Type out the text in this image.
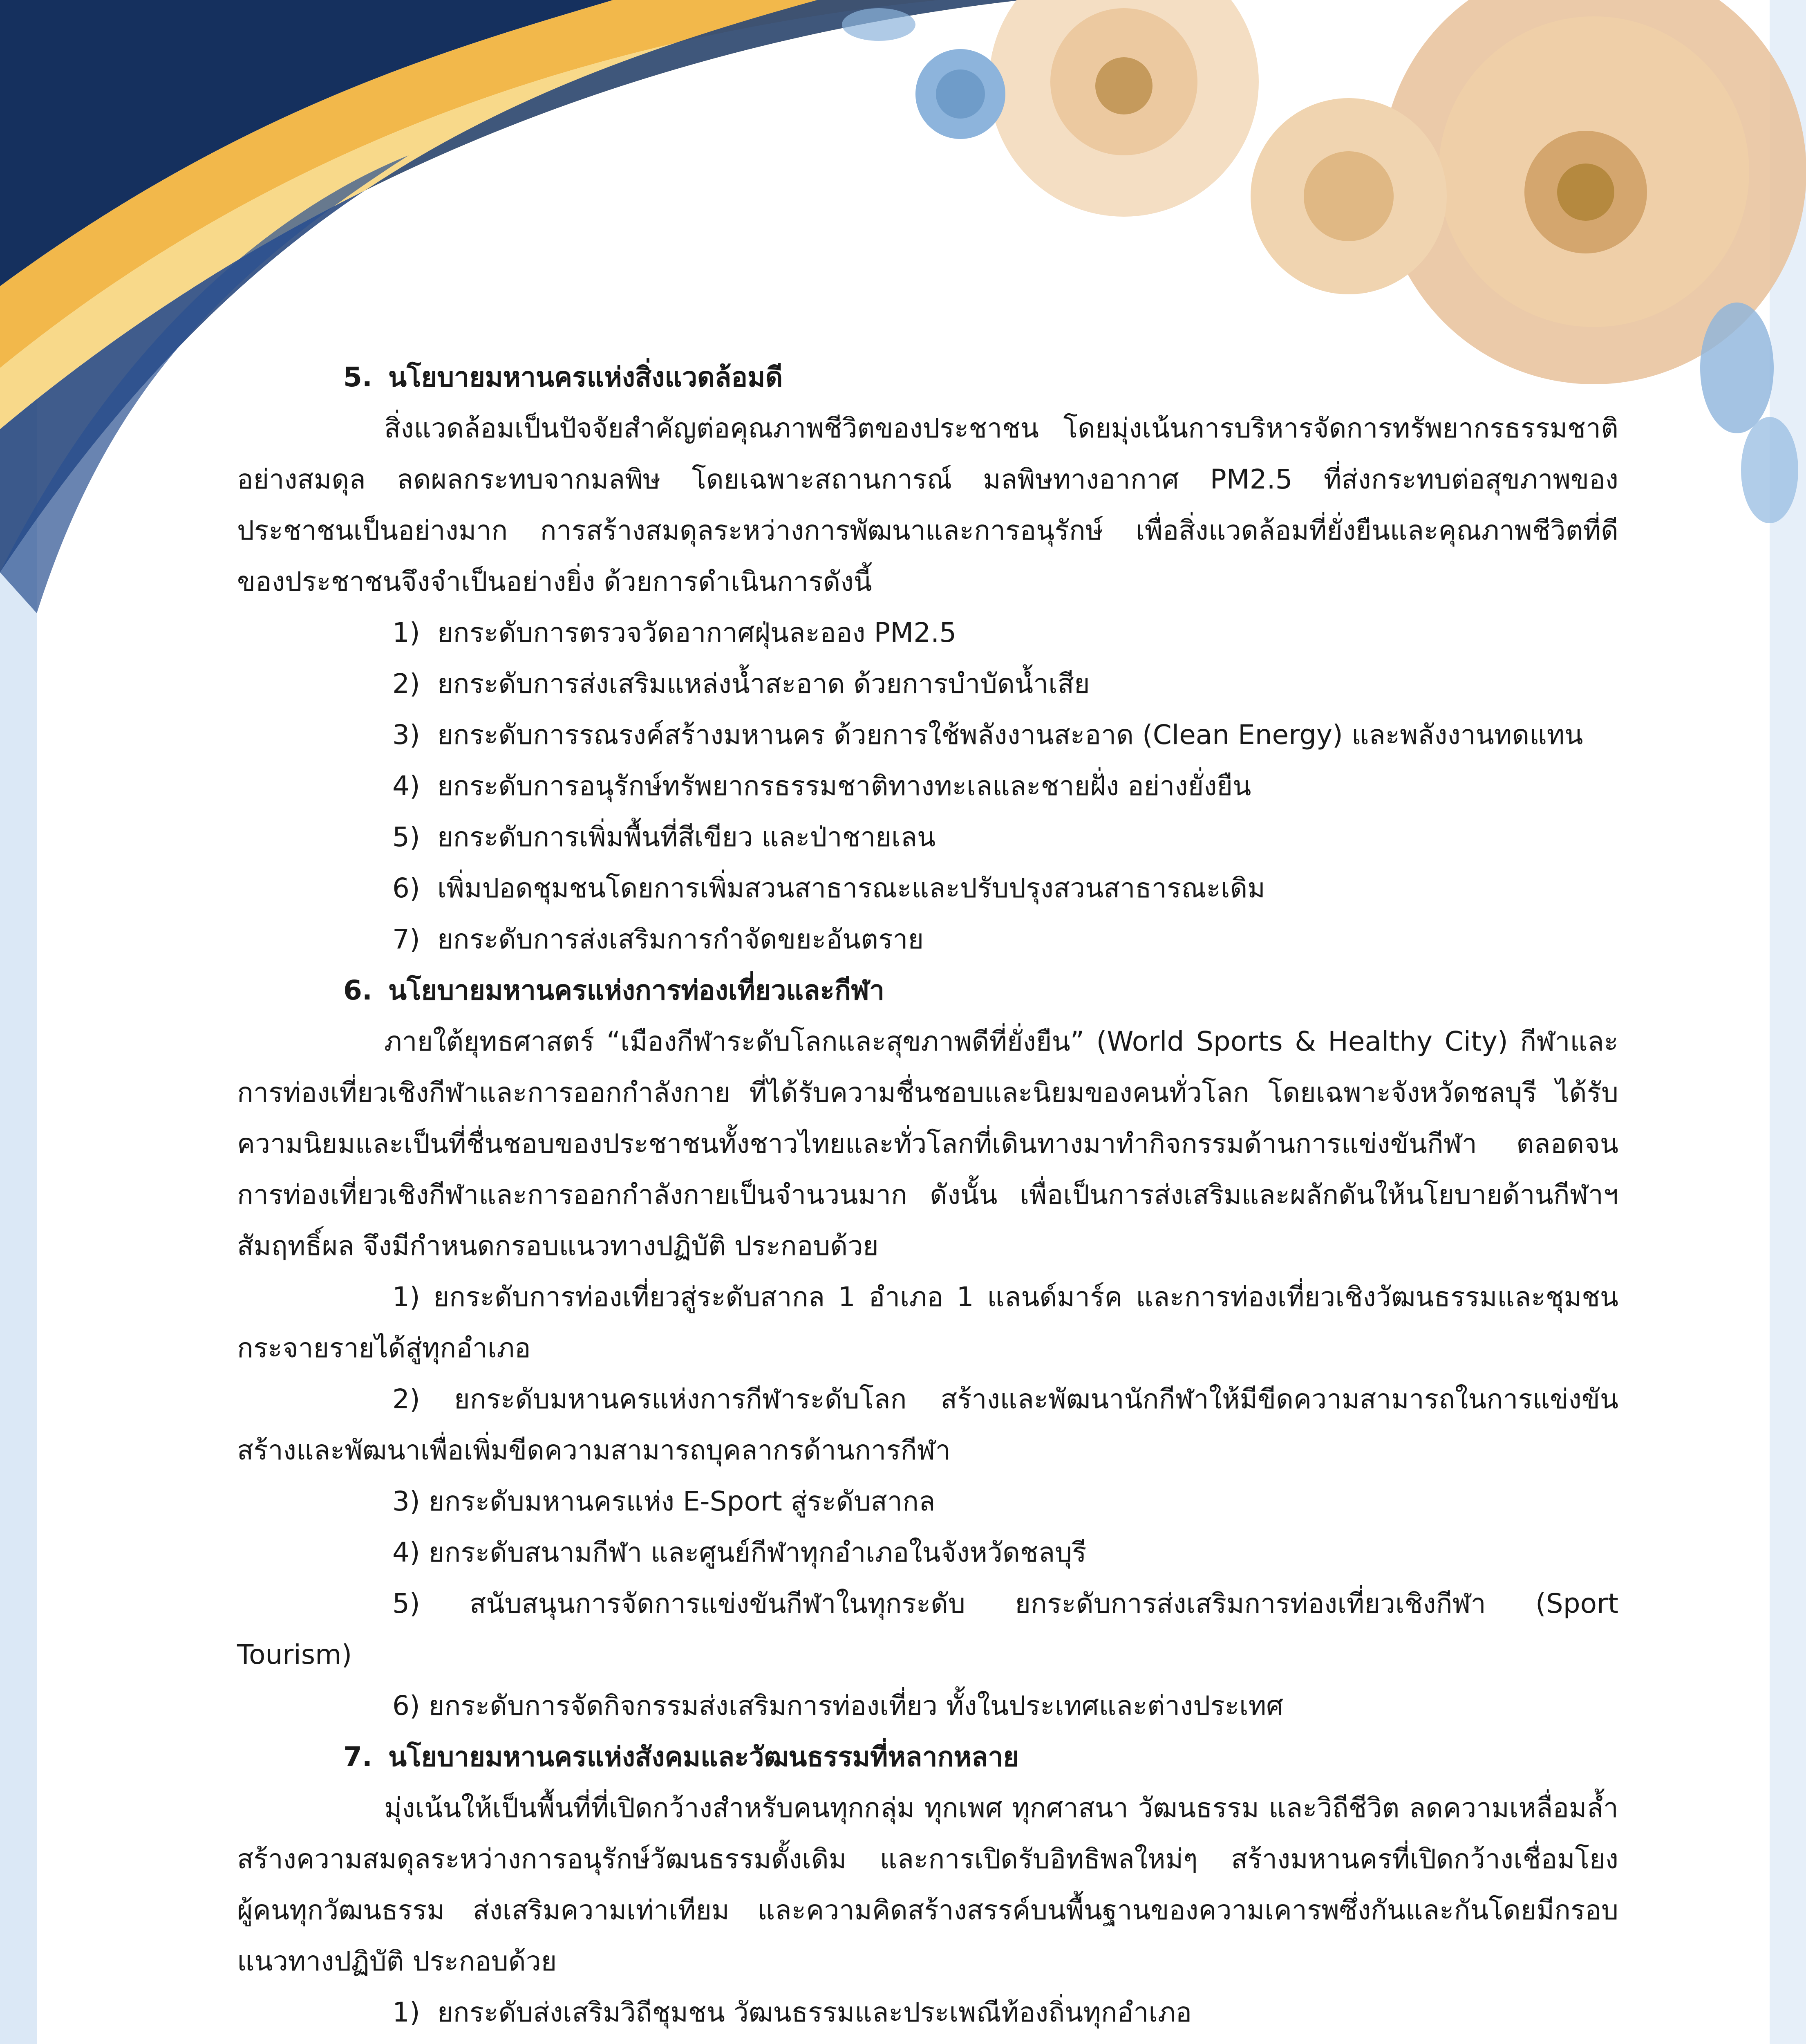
5. นโยบายมหานครแห่งสิ่งแวดล้อมดี

สิ่งแวดล้อมเป็นปัจจัยสำคัญต่อคุณภาพชีวิตของประชาชน โดยมุ่งเน้นการบริหารจัดการทรัพยากรธรรมชาติอย่างสมดุล ลดผลกระทบจากมลพิษ โดยเฉพาะสถานการณ์ มลพิษทางอากาศ PM2.5 ที่ส่งกระทบต่อสุขภาพของประชาชนเป็นอย่างมาก การสร้างสมดุลระหว่างการพัฒนาและการอนุรักษ์ เพื่อสิ่งแวดล้อมที่ยั่งยืนและคุณภาพชีวิตที่ดีของประชาชนจึงจำเป็นอย่างยิ่ง ด้วยการดำเนินการดังนี้

1) ยกระดับการตรวจวัดอากาศฝุ่นละออง PM2.5
2) ยกระดับการส่งเสริมแหล่งน้ำสะอาด ด้วยการบำบัดน้ำเสีย
3) ยกระดับการรณรงค์สร้างมหานคร ด้วยการใช้พลังงานสะอาด (Clean Energy) และพลังงานทดแทน
4) ยกระดับการอนุรักษ์ทรัพยากรธรรมชาติทางทะเลและชายฝั่ง อย่างยั่งยืน
5) ยกระดับการเพิ่มพื้นที่สีเขียว และป่าชายเลน
6) เพิ่มปอดชุมชนโดยการเพิ่มสวนสาธารณะและปรับปรุงสวนสาธารณะเดิม
7) ยกระดับการส่งเสริมการกำจัดขยะอันตราย
6. นโยบายมหานครแห่งการท่องเที่ยวและกีฬา

ภายใต้ยุทธศาสตร์ “เมืองกีฬาระดับโลกและสุขภาพดีที่ยั่งยืน” (World Sports & Healthy City) กีฬาและการท่องเที่ยวเชิงกีฬาและการออกกำลังกาย ที่ได้รับความชื่นชอบและนิยมของคนทั่วโลก โดยเฉพาะจังหวัดชลบุรี ได้รับความนิยมและเป็นที่ชื่นชอบของประชาชนทั้งชาวไทยและทั่วโลกที่เดินทางมาทำกิจกรรมด้านการแข่งขันกีฬา ตลอดจนการท่องเที่ยวเชิงกีฬาและการออกกำลังกายเป็นจำนวนมาก ดังนั้น เพื่อเป็นการส่งเสริมและผลักดันให้นโยบายด้านกีฬาฯ สัมฤทธิ์ผล จึงมีกำหนดกรอบแนวทางปฏิบัติ ประกอบด้วย

1) ยกระดับการท่องเที่ยวสู่ระดับสากล 1 อำเภอ 1 แลนด์มาร์ค และการท่องเที่ยวเชิงวัฒนธรรมและชุมชนกระจายรายได้สู่ทุกอำเภอ
2) ยกระดับมหานครแห่งการกีฬาระดับโลก สร้างและพัฒนานักกีฬาให้มีขีดความสามารถในการแข่งขันสร้างและพัฒนาเพื่อเพิ่มขีดความสามารถบุคลากรด้านการกีฬา
3) ยกระดับมหานครแห่ง E-Sport สู่ระดับสากล
4) ยกระดับสนามกีฬา และศูนย์กีฬาทุกอำเภอในจังหวัดชลบุรี
5) สนับสนุนการจัดการแข่งขันกีฬาในทุกระดับ ยกระดับการส่งเสริมการท่องเที่ยวเชิงกีฬา (Sport Tourism)
6) ยกระดับการจัดกิจกรรมส่งเสริมการท่องเที่ยว ทั้งในประเทศและต่างประเทศ
7. นโยบายมหานครแห่งสังคมและวัฒนธรรมที่หลากหลาย

มุ่งเน้นให้เป็นพื้นที่ที่เปิดกว้างสำหรับคนทุกกลุ่ม ทุกเพศ ทุกศาสนา วัฒนธรรม และวิถีชีวิต ลดความเหลื่อมล้ำ สร้างความสมดุลระหว่างการอนุรักษ์วัฒนธรรมดั้งเดิม และการเปิดรับอิทธิพลใหม่ๆ สร้างมหานครที่เปิดกว้างเชื่อมโยงผู้คนทุกวัฒนธรรม ส่งเสริมความเท่าเทียม และความคิดสร้างสรรค์บนพื้นฐานของความเคารพซึ่งกันและกันโดยมีกรอบแนวทางปฏิบัติ ประกอบด้วย

1) ยกระดับส่งเสริมวิถีชุมชน วัฒนธรรมและประเพณีท้องถิ่นทุกอำเภอ
